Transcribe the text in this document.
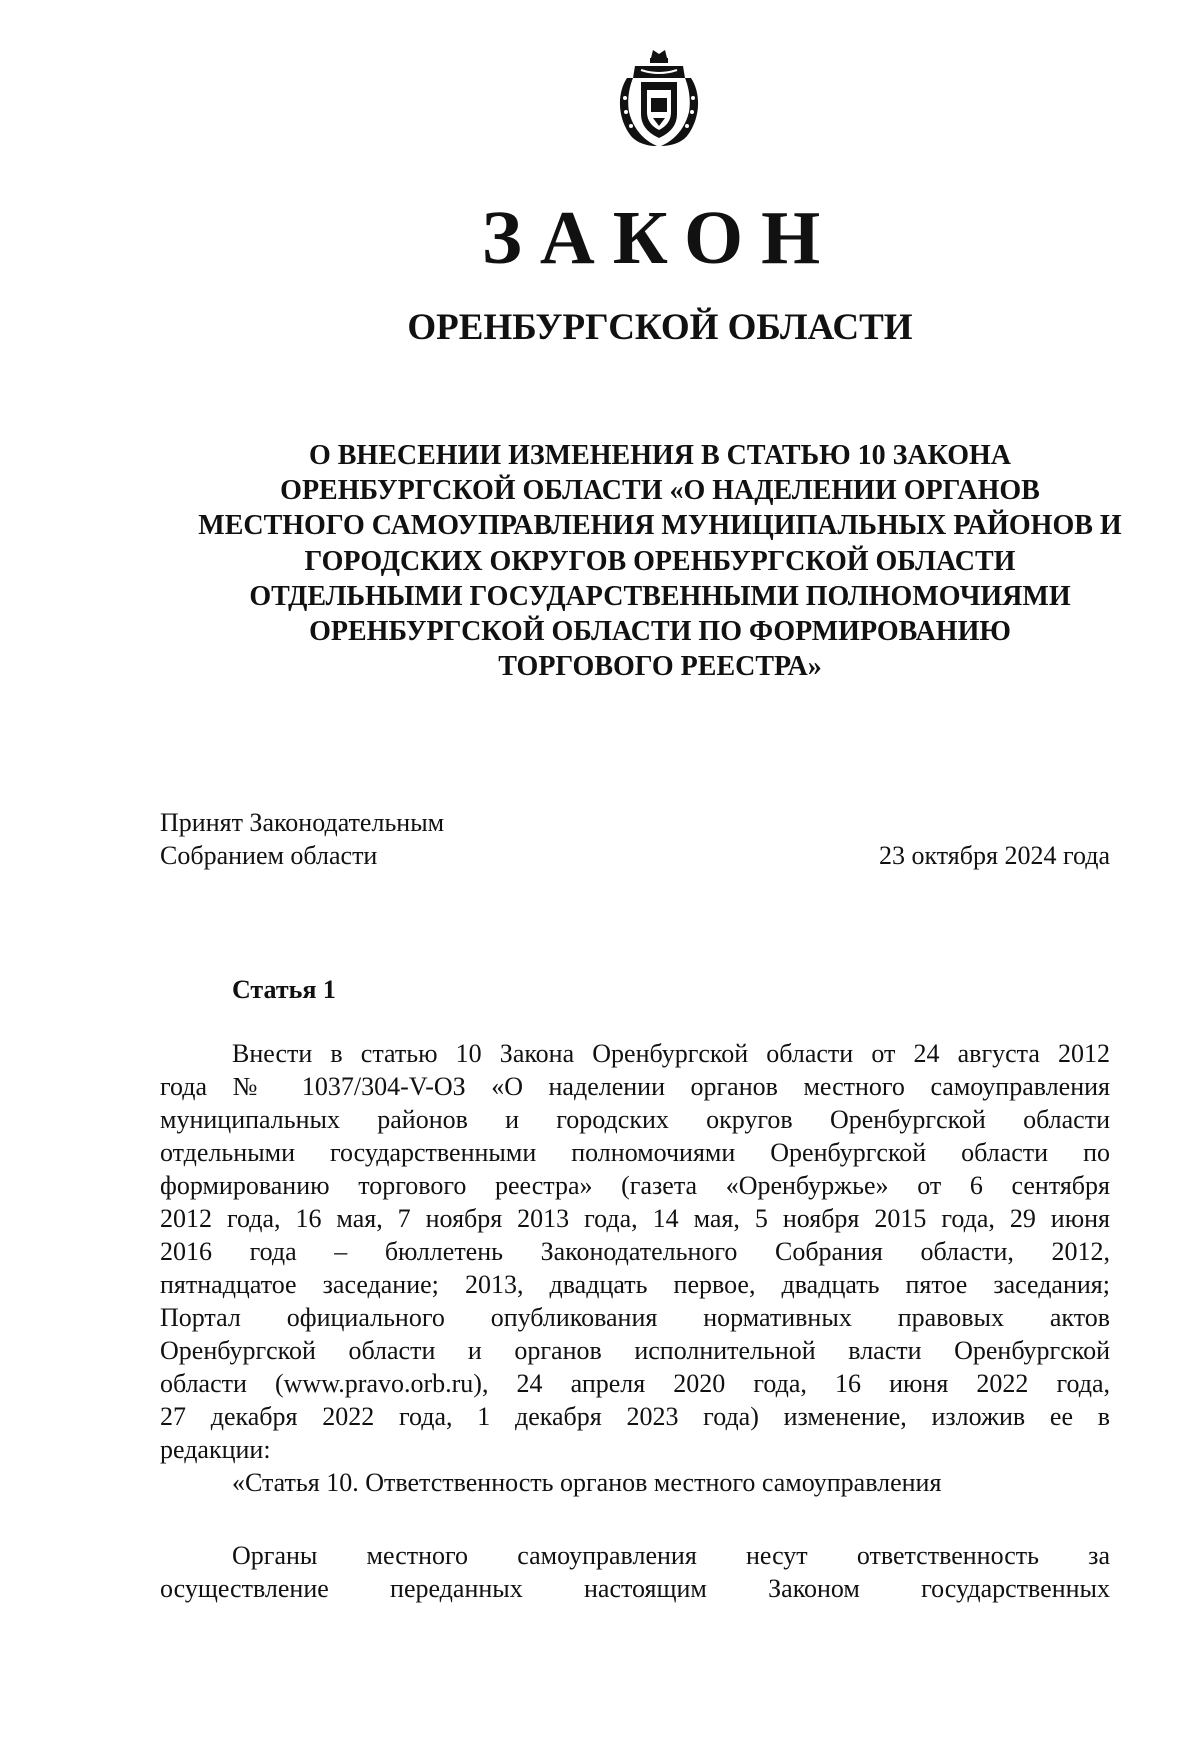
ЗАКОН
ОРЕНБУРГСКОЙ ОБЛАСТИ
О ВНЕСЕНИИ ИЗМЕНЕНИЯ В СТАТЬЮ 10 ЗАКОНА
ОРЕНБУРГСКОЙ ОБЛАСТИ «О НАДЕЛЕНИИ ОРГАНОВ
МЕСТНОГО САМОУПРАВЛЕНИЯ МУНИЦИПАЛЬНЫХ РАЙОНОВ И
ГОРОДСКИХ ОКРУГОВ ОРЕНБУРГСКОЙ ОБЛАСТИ
ОТДЕЛЬНЫМИ ГОСУДАРСТВЕННЫМИ ПОЛНОМОЧИЯМИ
ОРЕНБУРГСКОЙ ОБЛАСТИ ПО ФОРМИРОВАНИЮ
ТОРГОВОГО РЕЕСТРА»
Принят Законодательным
Собранием области	23 октября 2024 года
Статья 1
Внести в статью 10 Закона Оренбургской области от 24 августа 2012
года № 1037/304-V-ОЗ «О наделении органов местного самоуправления
муниципальных районов и городских округов Оренбургской области
отдельными государственными полномочиями Оренбургской области по
формированию торгового реестра» (газета «Оренбуржье» от 6 сентября
2012 года, 16 мая, 7 ноября 2013 года, 14 мая, 5 ноября 2015 года, 29 июня
2016 года – бюллетень Законодательного Собрания области, 2012,
пятнадцатое заседание; 2013, двадцать первое, двадцать пятое заседания;
Портал официального опубликования нормативных правовых актов
Оренбургской области и органов исполнительной власти Оренбургской
области (www.pravo.orb.ru), 24 апреля 2020 года, 16 июня 2022 года,
27 декабря 2022 года, 1 декабря 2023 года) изменение, изложив ее в
редакции:
«Статья 10. Ответственность органов местного самоуправления
Органы местного самоуправления несут ответственность за
осуществление переданных настоящим Законом государственных
